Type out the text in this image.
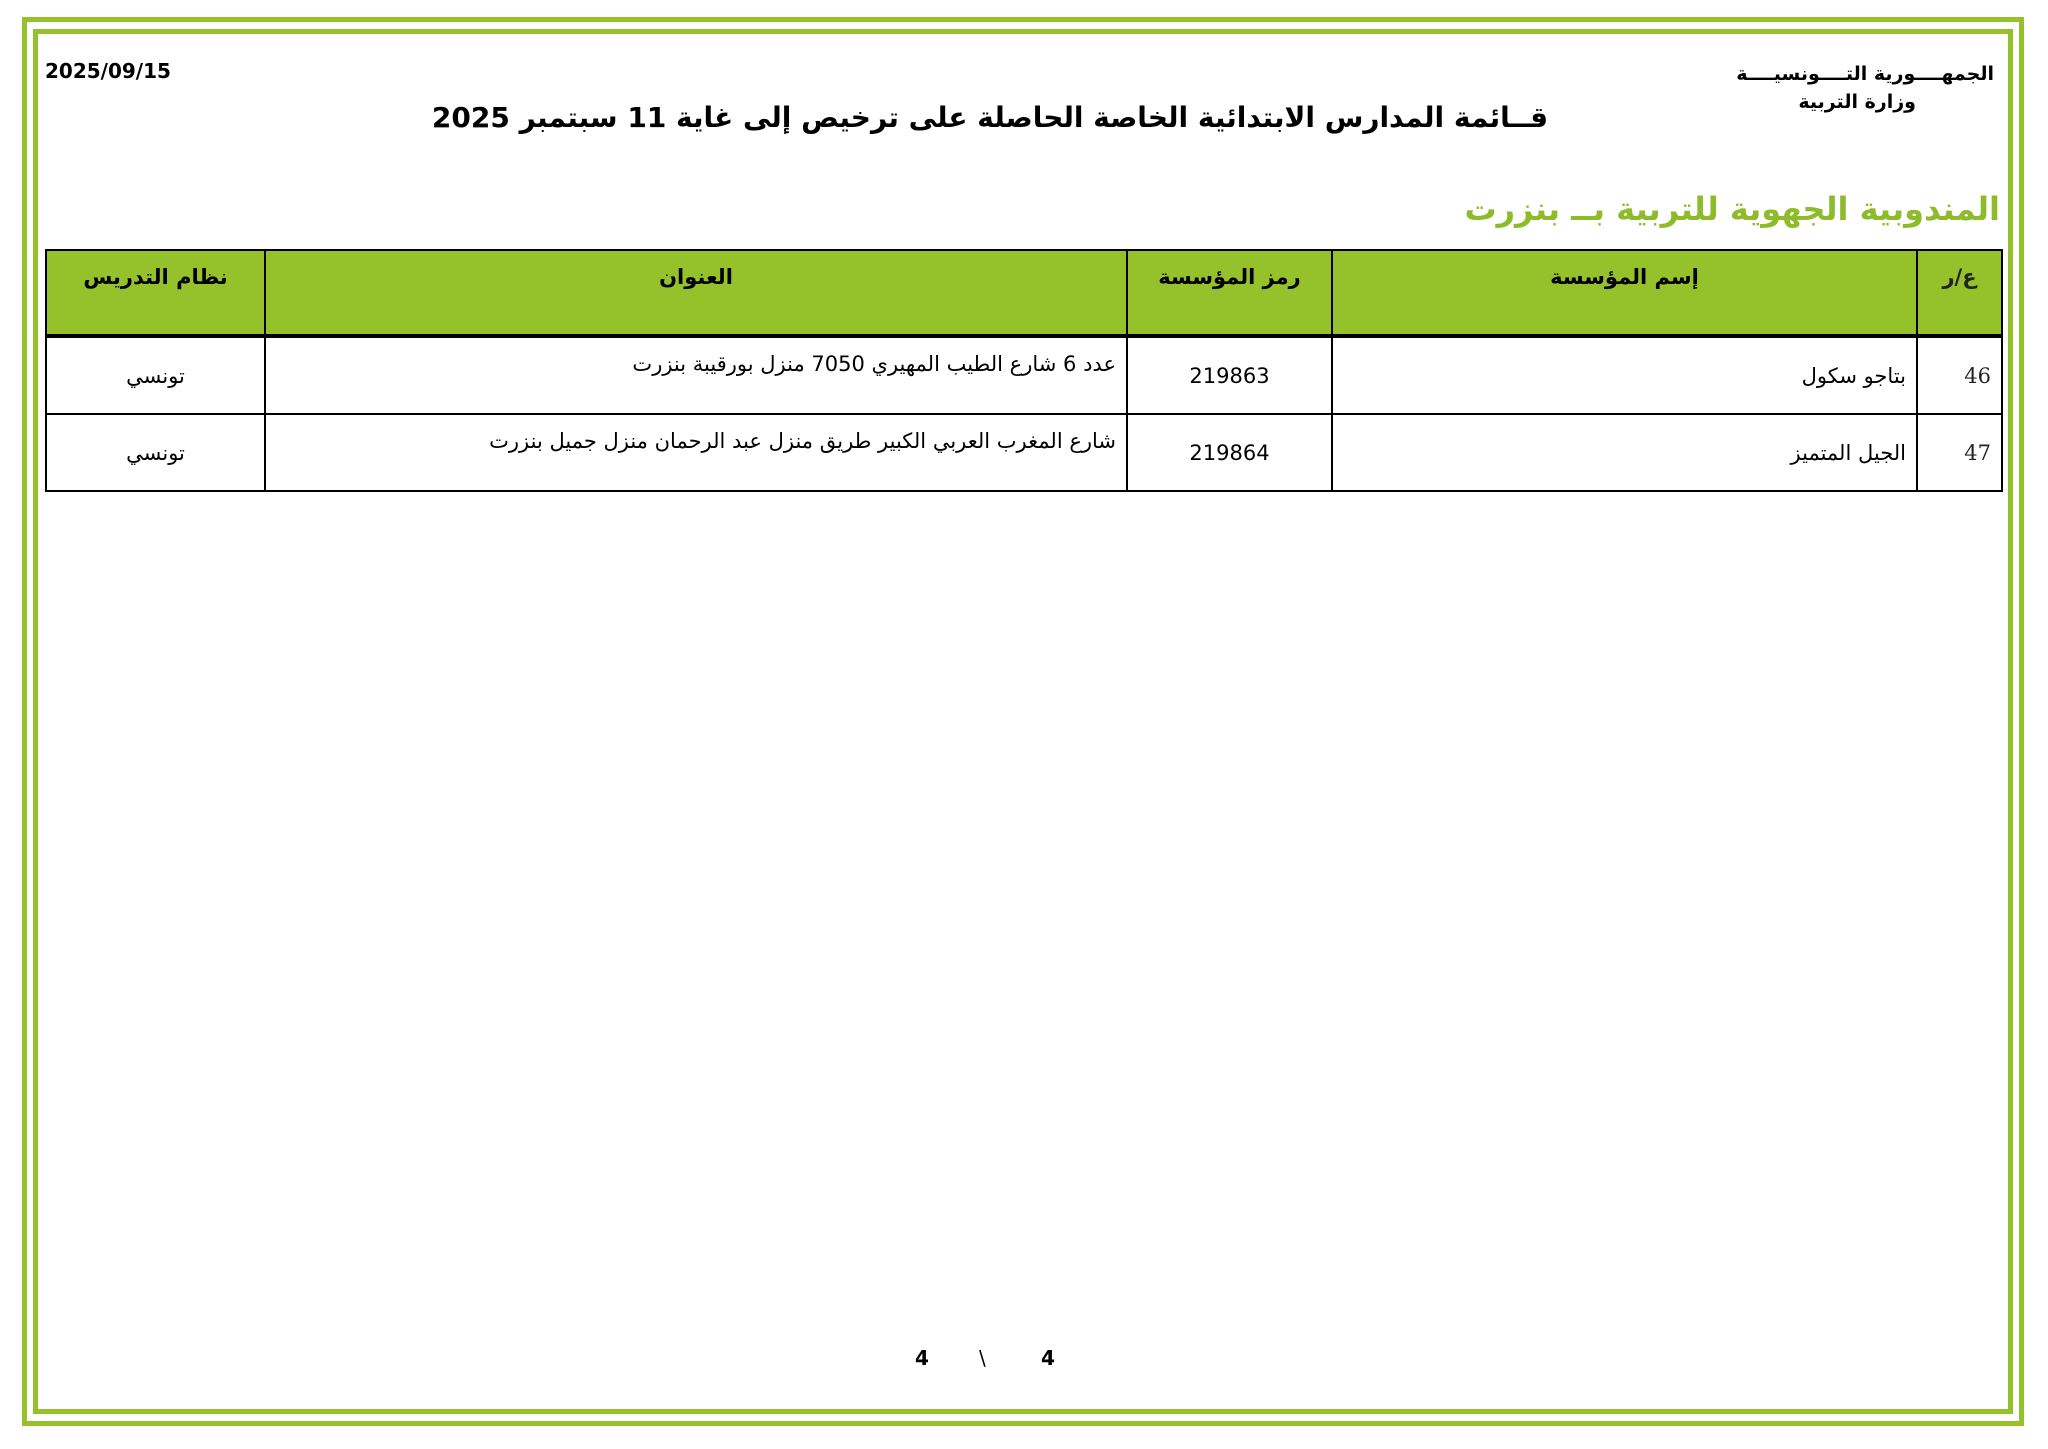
الجمهــــورية التــــونسيــــة
وزارة التربية
2025/09/15
قــائمة المدارس الابتدائية الخاصة الحاصلة على ترخيص إلى غاية 11 سبتمبر 2025
المندوبية الجهوية للتربية بــ بنزرت
ع/ر	إسم المؤسسة	رمز المؤسسة	العنوان	نظام التدريس
46	بتاجو سكول	219863	عدد 6 شارع الطيب المهيري 7050 منزل بورقيبة بنزرت	تونسي
47	الجيل المتميز	219864	شارع المغرب العربي الكبير طريق منزل عبد الرحمان منزل جميل بنزرت	تونسي
4	\	4
